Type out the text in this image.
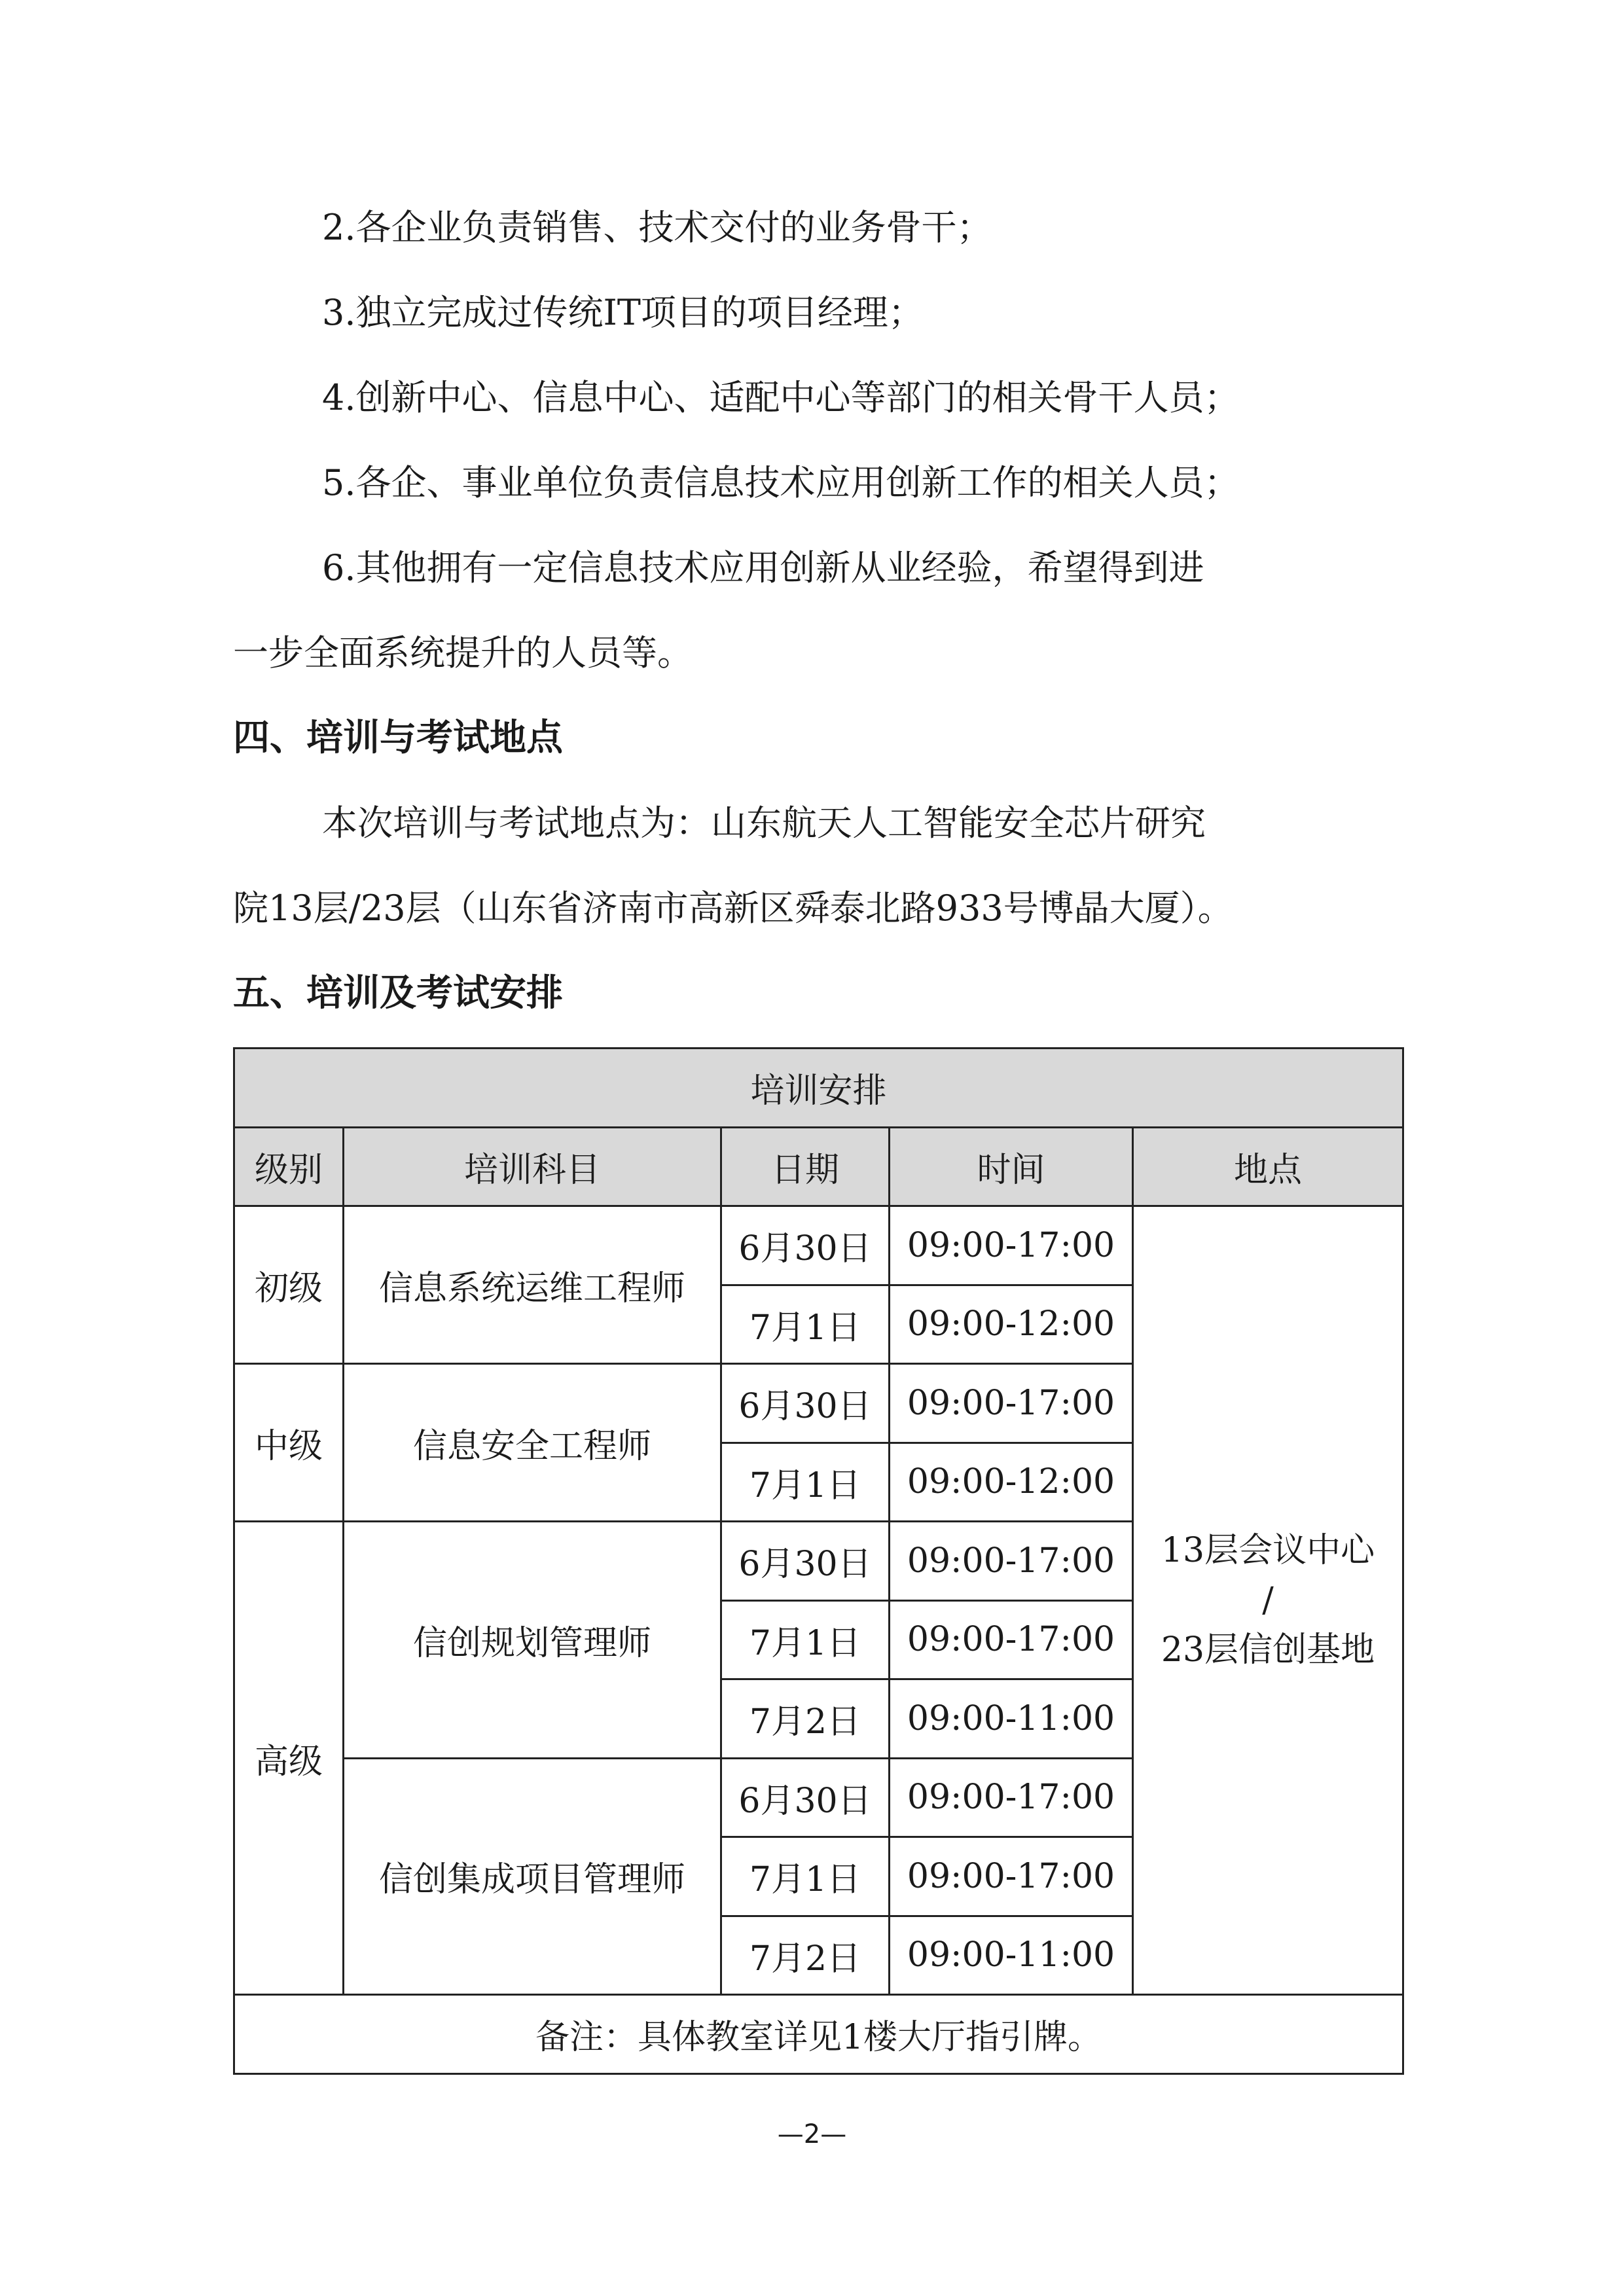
2.各企业负责销售、技术交付的业务骨干；
3.独立完成过传统IT项目的项目经理；
4.创新中心、信息中心、适配中心等部门的相关骨干人员；
5.各企、事业单位负责信息技术应用创新工作的相关人员；
6.其他拥有一定信息技术应用创新从业经验，希望得到进
一步全面系统提升的人员等。
四、培训与考试地点
本次培训与考试地点为：山东航天人工智能安全芯片研究
院13层/23层（山东省济南市高新区舜泰北路933号博晶大厦）。
五、培训及考试安排
培训安排				
级别	培训科目	日期	时间	地点
初级	信息系统运维工程师	6月30日	09:00-17:00	13层会议中心
/
23层信创基地

		7月1日	09:00-12:00	
中级	信息安全工程师	6月30日	09:00-17:00	
		7月1日	09:00-12:00	
高级	信创规划管理师	6月30日	09:00-17:00	
		7月1日	09:00-17:00	
		7月2日	09:00-11:00	
	信创集成项目管理师	6月30日	09:00-17:00	
		7月1日	09:00-17:00	
		7月2日	09:00-11:00	
备注：具体教室详见1楼大厅指引牌。				
—2—
